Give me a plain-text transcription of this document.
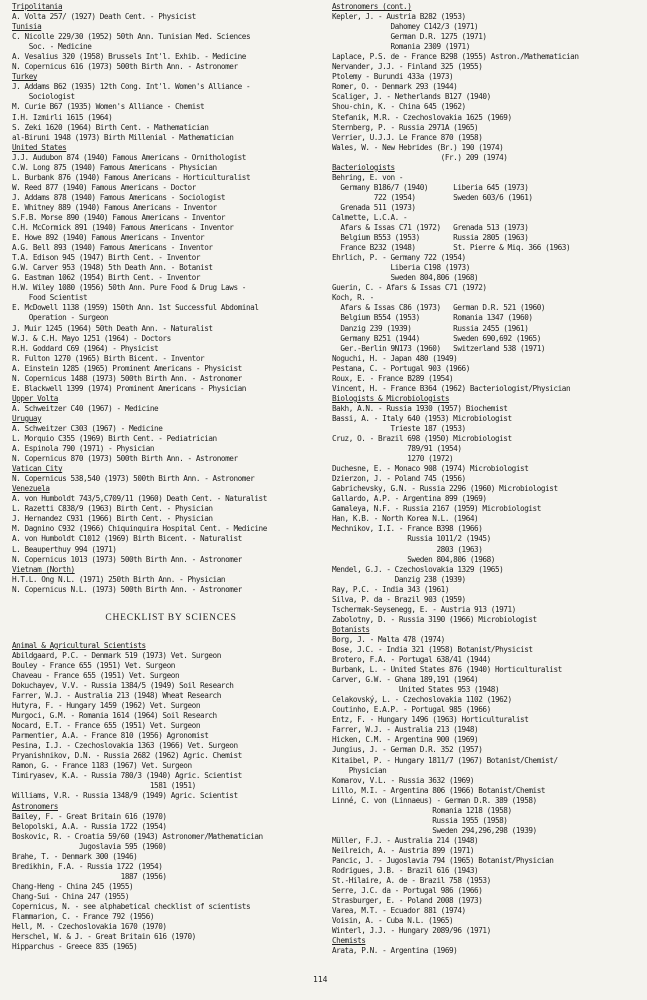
Tripolitania
A. Volta 257/ (1927) Death Cent. - Physicist
Tunisia
C. Nicolle 229/30 (1952) 50th Ann. Tunisian Med. Sciences
Soc. - Medicine
A. Vesalius 320 (1958) Brussels Int'l. Exhib. - Medicine
N. Copernicus 616 (1973) 500th Birth Ann. - Astronomer
Turkey
J. Addams B62 (1935) 12th Cong. Int'l. Women's Alliance -
Sociologist
M. Curie B67 (1935) Women's Alliance - Chemist
I.H. Izmirli 1615 (1964)
S. Zeki 1620 (1964) Birth Cent. - Mathematician
al-Biruni 1948 (1973) Birth Millenial - Mathematician
United States
J.J. Audubon 874 (1940) Famous Americans - Ornithologist
C.W. Long 875 (1940) Famous Americans - Physician
L. Burbank 876 (1940) Famous Americans - Horticulturalist
W. Reed 877 (1940) Famous Americans - Doctor
J. Addams 878 (1940) Famous Americans - Sociologist
E. Whitney 889 (1940) Famous Americans - Inventor
S.F.B. Morse 890 (1940) Famous Americans - Inventor
C.H. McCormick 891 (1940) Famous Americans - Inventor
E. Howe 892 (1940) Famous Americans - Inventor
A.G. Bell 893 (1940) Famous Americans - Inventor
T.A. Edison 945 (1947) Birth Cent. - Inventor
G.W. Carver 953 (1948) 5th Death Ann. - Botanist
G. Eastman 1062 (1954) Birth Cent. - Inventor
H.W. Wiley 1080 (1956) 50th Ann. Pure Food & Drug Laws -
Food Scientist
E. McDowell 1138 (1959) 150th Ann. 1st Successful Abdominal
Operation - Surgeon
J. Muir 1245 (1964) 50th Death Ann. - Naturalist
W.J. & C.H. Mayo 1251 (1964) - Doctors
R.H. Goddard C69 (1964) - Physicist
R. Fulton 1270 (1965) Birth Bicent. - Inventor
A. Einstein 1285 (1965) Prominent Americans - Physicist
N. Copernicus 1488 (1973) 500th Birth Ann. - Astronomer
E. Blackwell 1399 (1974) Prominent Americans - Physician
Upper Volta
A. Schweitzer C40 (1967) - Medicine
Uruguay
A. Schweitzer C303 (1967) - Medicine
L. Morquio C355 (1969) Birth Cent. - Pediatrician
A. Espinola 790 (1971) - Physician
N. Copernicus 870 (1973) 500th Birth Ann. - Astronomer
Vatican City
N. Copernicus 538,540 (1973) 500th Birth Ann. - Astronomer
Venezuela
A. von Humboldt 743/5,C709/11 (1960) Death Cent. - Naturalist
L. Razetti C838/9 (1963) Birth Cent. - Physician
J. Hernandez C931 (1966) Birth Cent. - Physician
M. Dagnino C932 (1966) Chiquinquira Hospital Cent. - Medicine
A. von Humboldt C1012 (1969) Birth Bicent. - Naturalist
L. Beauperthuy 994 (1971)
N. Copernicus 1013 (1973) 500th Birth Ann. - Astronomer
Vietnam (North)
H.T.L. Ong N.L. (1971) 250th Birth Ann. - Physician
N. Copernicus N.L. (1973) 500th Birth Ann. - Astronomer
CHECKLIST BY SCIENCES
Animal & Agricultural Scientists
Abildgaard, P.C. - Denmark 519 (1973) Vet. Surgeon
Bouley - France 655 (1951) Vet. Surgeon
Chaveau - France 655 (1951) Vet. Surgeon
Dokuchayev, V.V. - Russia 1384/5 (1949) Soil Research
Farrer, W.J. - Australia 213 (1948) Wheat Research
Hutyra, F. - Hungary 1459 (1962) Vet. Surgeon
Murgoci, G.M. - Romania 1614 (1964) Soil Research
Nocard, E.T. - France 655 (1951) Vet. Surgeon
Parmentier, A.A. - France 810 (1956) Agronomist
Pesina, I.J. - Czechoslovakia 1363 (1966) Vet. Surgeon
Pryanishnikov, D.N. - Russia 2682 (1962) Agric. Chemist
Ramon, G. - France 1183 (1967) Vet. Surgeon
Timiryasev, K.A. - Russia 780/3 (1940) Agric. Scientist
1581 (1951)
Williams, V.R. - Russia 1348/9 (1949) Agric. Scientist
Astronomers
Bailey, F. - Great Britain 616 (1970)
Belopolski, A.A. - Russia 1722 (1954)
Boskovic, R. - Croatia 59/60 (1943) Astronomer/Mathematician
Jugoslavia 595 (1960)
Brahe, T. - Denmark 300 (1946)
Bredikhin, F.A. - Russia 1722 (1954)
1887 (1956)
Chang-Heng - China 245 (1955)
Chang-Sui - China 247 (1955)
Copernicus, N. - see alphabetical checklist of scientists
Flammarion, C. - France 792 (1956)
Hell, M. - Czechoslovakia 1670 (1970)
Herschel, W. & J. - Great Britain 616 (1970)
Hipparchus - Greece 835 (1965)
Astronomers (cont.)
Kepler, J. - Austria B282 (1953)
Dahomey C142/3 (1971)
German D.R. 1275 (1971)
Romania 2309 (1971)
Laplace, P.S. de - France B298 (1955) Astron./Mathematician
Nervander, J.J. - Finland 325 (1955)
Ptolemy - Burundi 433a (1973)
Romer, O. - Denmark 293 (1944)
Scaliger, J. - Netherlands B127 (1940)
Shou-chin, K. - China 645 (1962)
Stefanik, M.R. - Czechoslovakia 1625 (1969)
Sternberg, P. - Russia 2971A (1965)
Verrier, U.J.J. Le France 870 (1958)
Wales, W. - New Hebrides (Br.) 190 (1974)
(Fr.) 209 (1974)
Bacteriologists
Behring, E. von -
Germany B186/7 (1940)      Liberia 645 (1973)
722 (1954)         Sweden 603/6 (1961)
Grenada 511 (1973)
Calmette, L.C.A. -
Afars & Issas C71 (1972)   Grenada 513 (1973)
Belgium B553 (1953)        Russia 2805 (1963)
France B232 (1948)         St. Pierre & Miq. 366 (1963)
Ehrlich, P. - Germany 722 (1954)
Liberia C198 (1973)
Sweden 804,806 (1968)
Guerin, C. - Afars & Issas C71 (1972)
Koch, R. -
Afars & Issas C86 (1973)   German D.R. 521 (1960)
Belgium B554 (1953)        Romania 1347 (1960)
Danzig 239 (1939)          Russia 2455 (1961)
Germany B251 (1944)        Sweden 690,692 (1965)
Ger.-Berlin 9N173 (1960)   Switzerland 538 (1971)
Noguchi, H. - Japan 480 (1949)
Pestana, C. - Portugal 903 (1966)
Roux, E. - France B289 (1954)
Vincent, H. - France B364 (1962) Bacteriologist/Physician
Biologists & Microbiologists
Bakh, A.N. - Russia 1930 (1957) Biochemist
Bassi, A. - Italy 640 (1953) Microbiologist
Trieste 187 (1953)
Cruz, O. - Brazil 698 (1950) Microbiologist
789/91 (1954)
1270 (1972)
Duchesne, E. - Monaco 908 (1974) Microbiologist
Dzierzon, J. - Poland 745 (1956)
Gabrichevsky, G.N. - Russia 2296 (1960) Microbiologist
Gallardo, A.P. - Argentina 899 (1969)
Gamaleya, N.F. - Russia 2167 (1959) Microbiologist
Han, K.B. - North Korea N.L. (1964)
Mechnikov, I.I. - France B398 (1966)
Russia 1011/2 (1945)
2803 (1963)
Sweden 804,806 (1968)
Mendel, G.J. - Czechoslovakia 1329 (1965)
Danzig 238 (1939)
Ray, P.C. - India 343 (1961)
Silva, P. da - Brazil 903 (1959)
Tschermak-Seysenegg, E. - Austria 913 (1971)
Zabolotny, D. - Russia 3190 (1966) Microbiologist
Botanists
Borg, J. - Malta 478 (1974)
Bose, J.C. - India 321 (1958) Botanist/Physicist
Brotero, F.A. - Portugal 638/41 (1944)
Burbank, L. - United States 876 (1940) Horticulturalist
Carver, G.W. - Ghana 189,191 (1964)
United States 953 (1948)
Celakovský, L. - Czechoslovakia 1102 (1962)
Coutinho, E.A.P. - Portugal 985 (1966)
Entz, F. - Hungary 1496 (1963) Horticulturalist
Farrer, W.J. - Australia 213 (1948)
Hicken, C.M. - Argentina 900 (1969)
Jungius, J. - German D.R. 352 (1957)
Kitaibel, P. - Hungary 1811/7 (1967) Botanist/Chemist/
Physician
Komarov, V.L. - Russia 3632 (1969)
Lillo, M.I. - Argentina 806 (1966) Botanist/Chemist
Linné, C. von (Linnaeus) - German D.R. 389 (1958)
Romania 1218 (1958)
Russia 1955 (1958)
Sweden 294,296,298 (1939)
Müller, F.J. - Australia 214 (1948)
Neilreich, A. - Austria 899 (1971)
Pancic, J. - Jugoslavia 794 (1965) Botanist/Physician
Rodrigues, J.B. - Brazil 616 (1943)
St.-Hilaire, A. de - Brazil 758 (1953)
Serre, J.C. da - Portugal 986 (1966)
Strasburger, E. - Poland 2008 (1973)
Varea, M.T. - Ecuador 881 (1974)
Voisin, A. - Cuba N.L. (1965)
Winterl, J.J. - Hungary 2089/96 (1971)
Chemists
Arata, P.N. - Argentina (1969)
114
